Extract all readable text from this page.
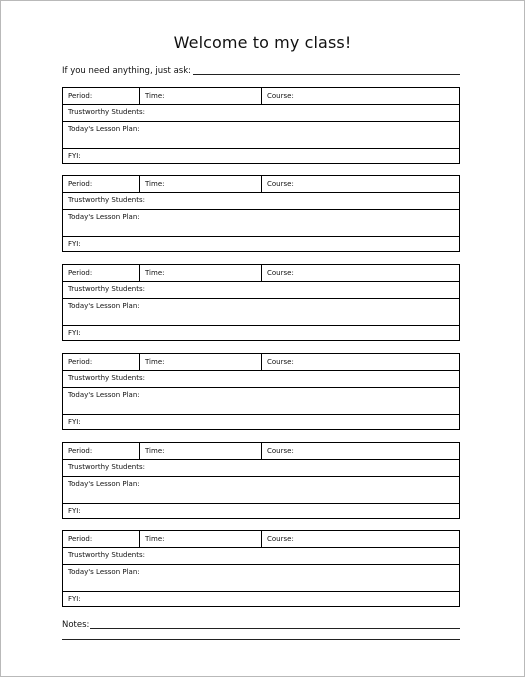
Welcome to my class!
If you need anything, just ask:
Period:	Time:	Course:
Trustworthy Students:
Today's Lesson Plan:
FYI:
Period:	Time:	Course:
Trustworthy Students:
Today's Lesson Plan:
FYI:
Period:	Time:	Course:
Trustworthy Students:
Today's Lesson Plan:
FYI:
Period:	Time:	Course:
Trustworthy Students:
Today's Lesson Plan:
FYI:
Period:	Time:	Course:
Trustworthy Students:
Today's Lesson Plan:
FYI:
Period:	Time:	Course:
Trustworthy Students:
Today's Lesson Plan:
FYI:
Notes:
